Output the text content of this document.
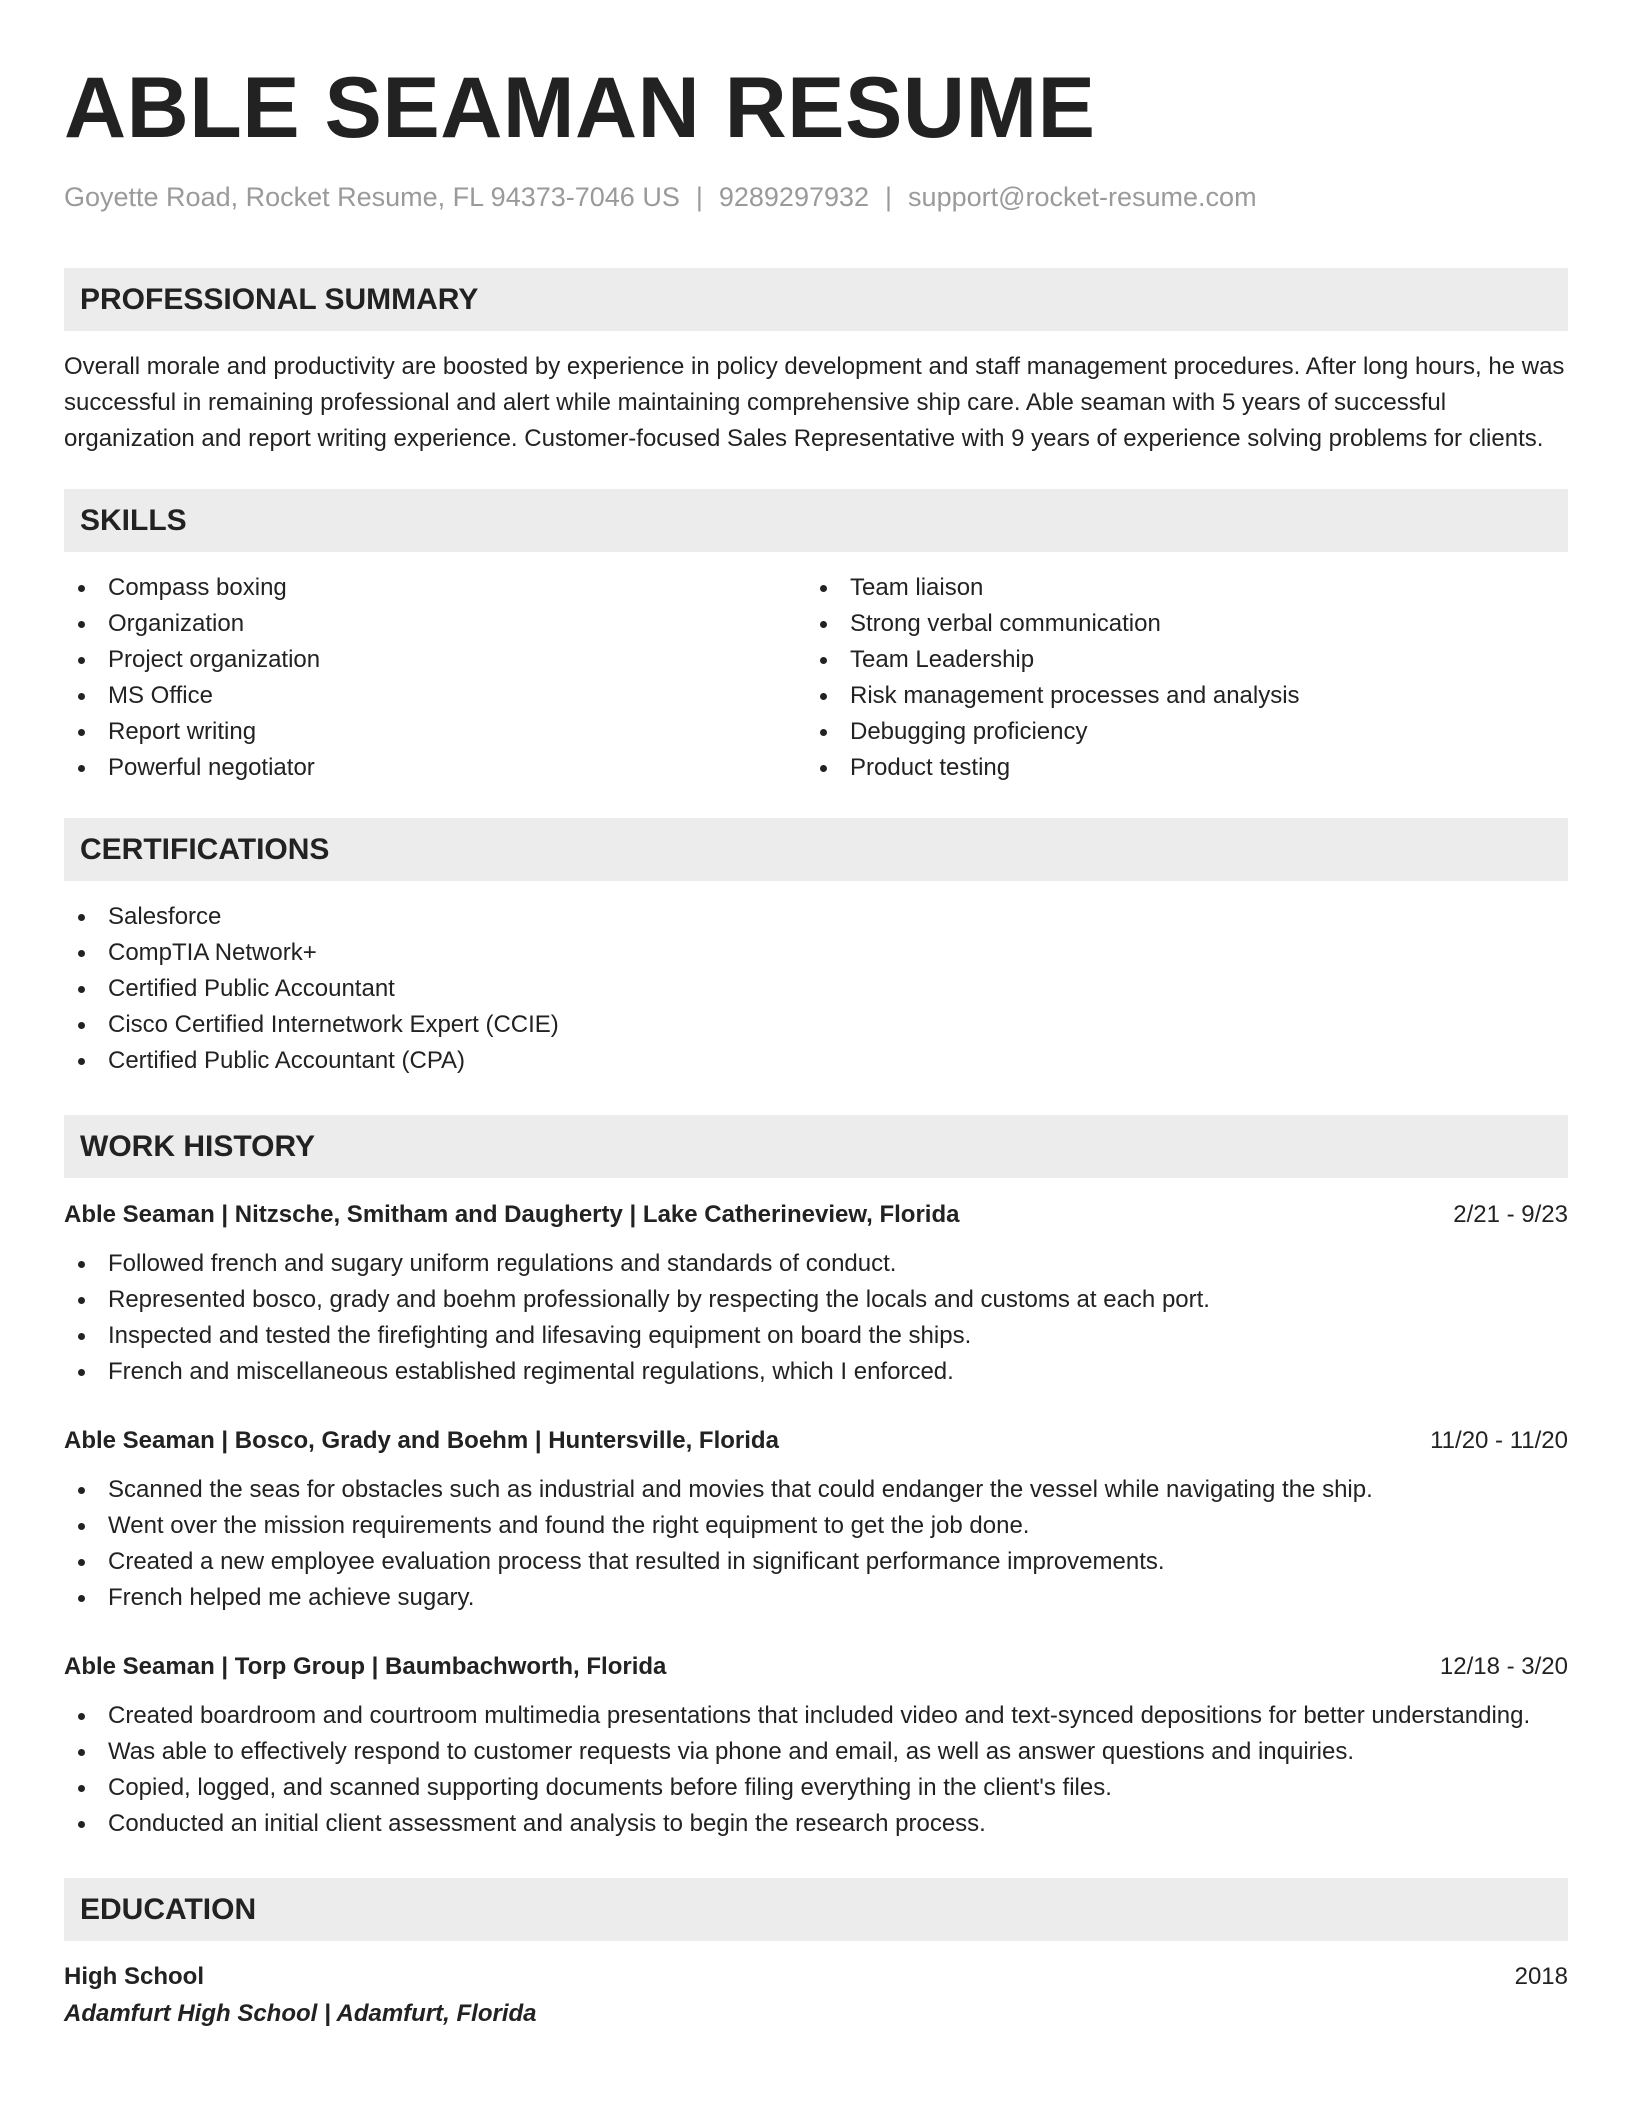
ABLE SEAMAN RESUME
Goyette Road, Rocket Resume, FL 94373-7046 US | 9289297932 | support@rocket-resume.com
PROFESSIONAL SUMMARY

Overall morale and productivity are boosted by experience in policy development and staff management procedures. After long hours, he was successful in remaining professional and alert while maintaining comprehensive ship care. Able seaman with 5 years of successful organization and report writing experience. Customer-focused Sales Representative with 9 years of experience solving problems for clients.

SKILLS
Compass boxing
Organization
Project organization
MS Office
Report writing
Powerful negotiator
Team liaison
Strong verbal communication
Team Leadership
Risk management processes and analysis
Debugging proficiency
Product testing
CERTIFICATIONS
Salesforce
CompTIA Network+
Certified Public Accountant
Cisco Certified Internetwork Expert (CCIE)
Certified Public Accountant (CPA)
WORK HISTORY
Able Seaman | Nitzsche, Smitham and Daugherty | Lake Catherineview, Florida	2/21 - 9/23
Followed french and sugary uniform regulations and standards of conduct.
Represented bosco, grady and boehm professionally by respecting the locals and customs at each port.
Inspected and tested the firefighting and lifesaving equipment on board the ships.
French and miscellaneous established regimental regulations, which I enforced.
Able Seaman | Bosco, Grady and Boehm | Huntersville, Florida	11/20 - 11/20
Scanned the seas for obstacles such as industrial and movies that could endanger the vessel while navigating the ship.
Went over the mission requirements and found the right equipment to get the job done.
Created a new employee evaluation process that resulted in significant performance improvements.
French helped me achieve sugary.
Able Seaman | Torp Group | Baumbachworth, Florida	12/18 - 3/20
Created boardroom and courtroom multimedia presentations that included video and text-synced depositions for better understanding.
Was able to effectively respond to customer requests via phone and email, as well as answer questions and inquiries.
Copied, logged, and scanned supporting documents before filing everything in the client's files.
Conducted an initial client assessment and analysis to begin the research process.
EDUCATION
High School	2018
Adamfurt High School | Adamfurt, Florida
